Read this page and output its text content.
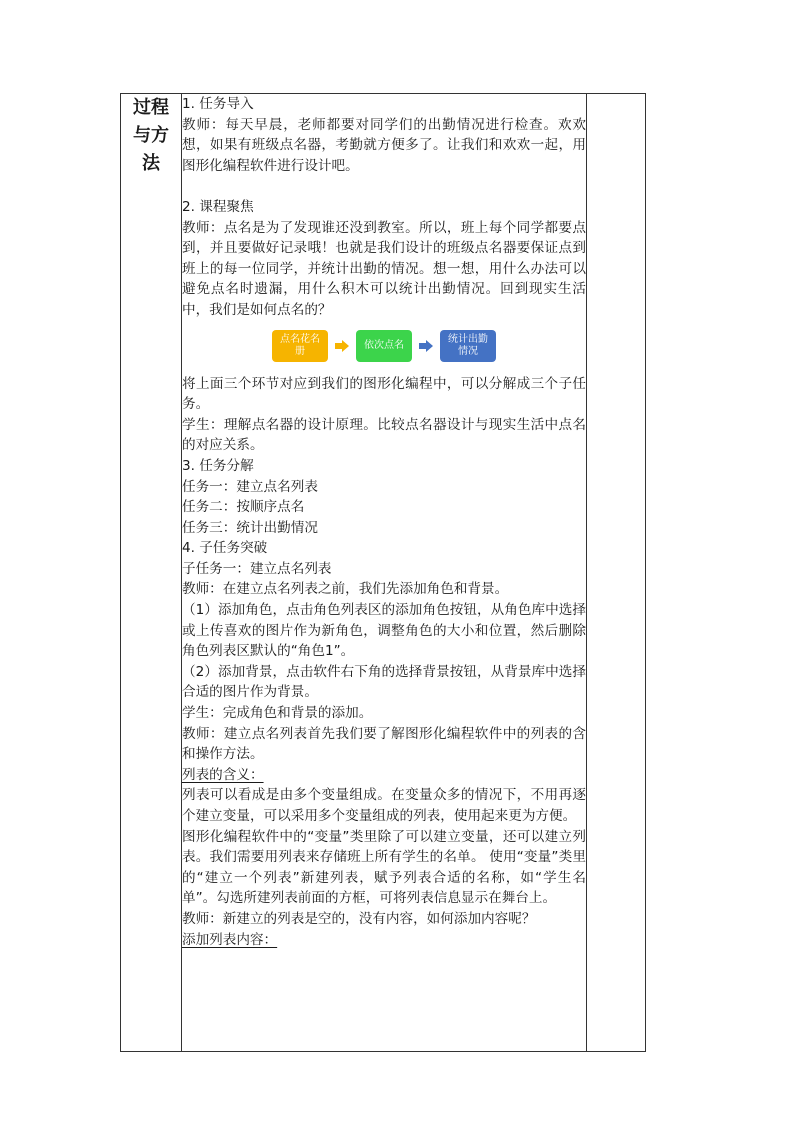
过程
与方
法

1. 任务导入

教师：每天早晨，老师都要对同学们的出勤情况进行检查。欢欢想，如果有班级点名器，考勤就方便多了。让我们和欢欢一起，用图形化编程软件进行设计吧。

2. 课程聚焦

教师：点名是为了发现谁还没到教室。所以，班上每个同学都要点到，并且要做好记录哦！也就是我们设计的班级点名器要保证点到班上的每一位同学，并统计出勤的情况。想一想，用什么办法可以避免点名时遗漏，用什么积木可以统计出勤情况。回到现实生活中，我们是如何点名的？

点名花名册
依次点名
统计出勤情况

将上面三个环节对应到我们的图形化编程中，可以分解成三个子任务。

学生：理解点名器的设计原理。比较点名器设计与现实生活中点名的对应关系。

3. 任务分解

任务一：建立点名列表

任务二：按顺序点名

任务三：统计出勤情况

4. 子任务突破

子任务一：建立点名列表

教师：在建立点名列表之前，我们先添加角色和背景。

（1）添加角色，点击角色列表区的添加角色按钮，从角色库中选择或上传喜欢的图片作为新角色，调整角色的大小和位置，然后删除角色列表区默认的“角色1”。

（2）添加背景，点击软件右下角的选择背景按钮，从背景库中选择合适的图片作为背景。

学生：完成角色和背景的添加。

教师：建立点名列表首先我们要了解图形化编程软件中的列表的含和操作方法。

列表的含义：

列表可以看成是由多个变量组成。在变量众多的情况下，不用再逐个建立变量，可以采用多个变量组成的列表，使用起来更为方便。

图形化编程软件中的“变量”类里除了可以建立变量，还可以建立列表。我们需要用列表来存储班上所有学生的名单。 使用“变量”类里的“建立一个列表”新建列表，赋予列表合适的名称，如“学生名单”。勾选所建列表前面的方框，可将列表信息显示在舞台上。

教师：新建立的列表是空的，没有内容，如何添加内容呢？

添加列表内容：
